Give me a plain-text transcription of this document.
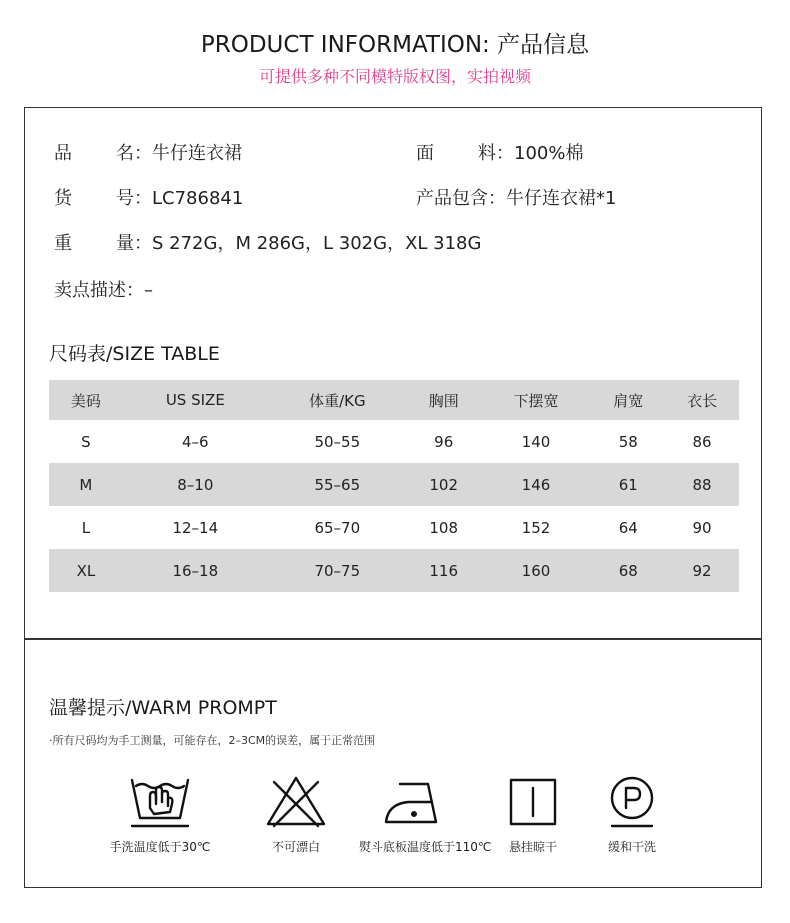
PRODUCT INFORMATION: 产品信息
可提供多种不同模特版权图，实拍视频
品 名：牛仔连衣裙	面 料：100%棉
货 号：LC786841	产品包含：牛仔连衣裙*1
重 量：S 272G，M 286G，L 302G，XL 318G
卖点描述：–
尺码表/SIZE TABLE
美码	US SIZE	体重/KG	胸围	下摆宽	肩宽	衣长
S	4–6	50–55	96	140	58	86
M	8–10	55–65	102	146	61	88
L	12–14	65–70	108	152	64	90
XL	16–18	70–75	116	160	68	92
温馨提示/WARM PROMPT
·所有尺码均为手工测量，可能存在，2–3CM的误差，属于正常范围
手洗温度低于30℃	不可漂白	熨斗底板温度低于110℃	悬挂晾干	缓和干洗
